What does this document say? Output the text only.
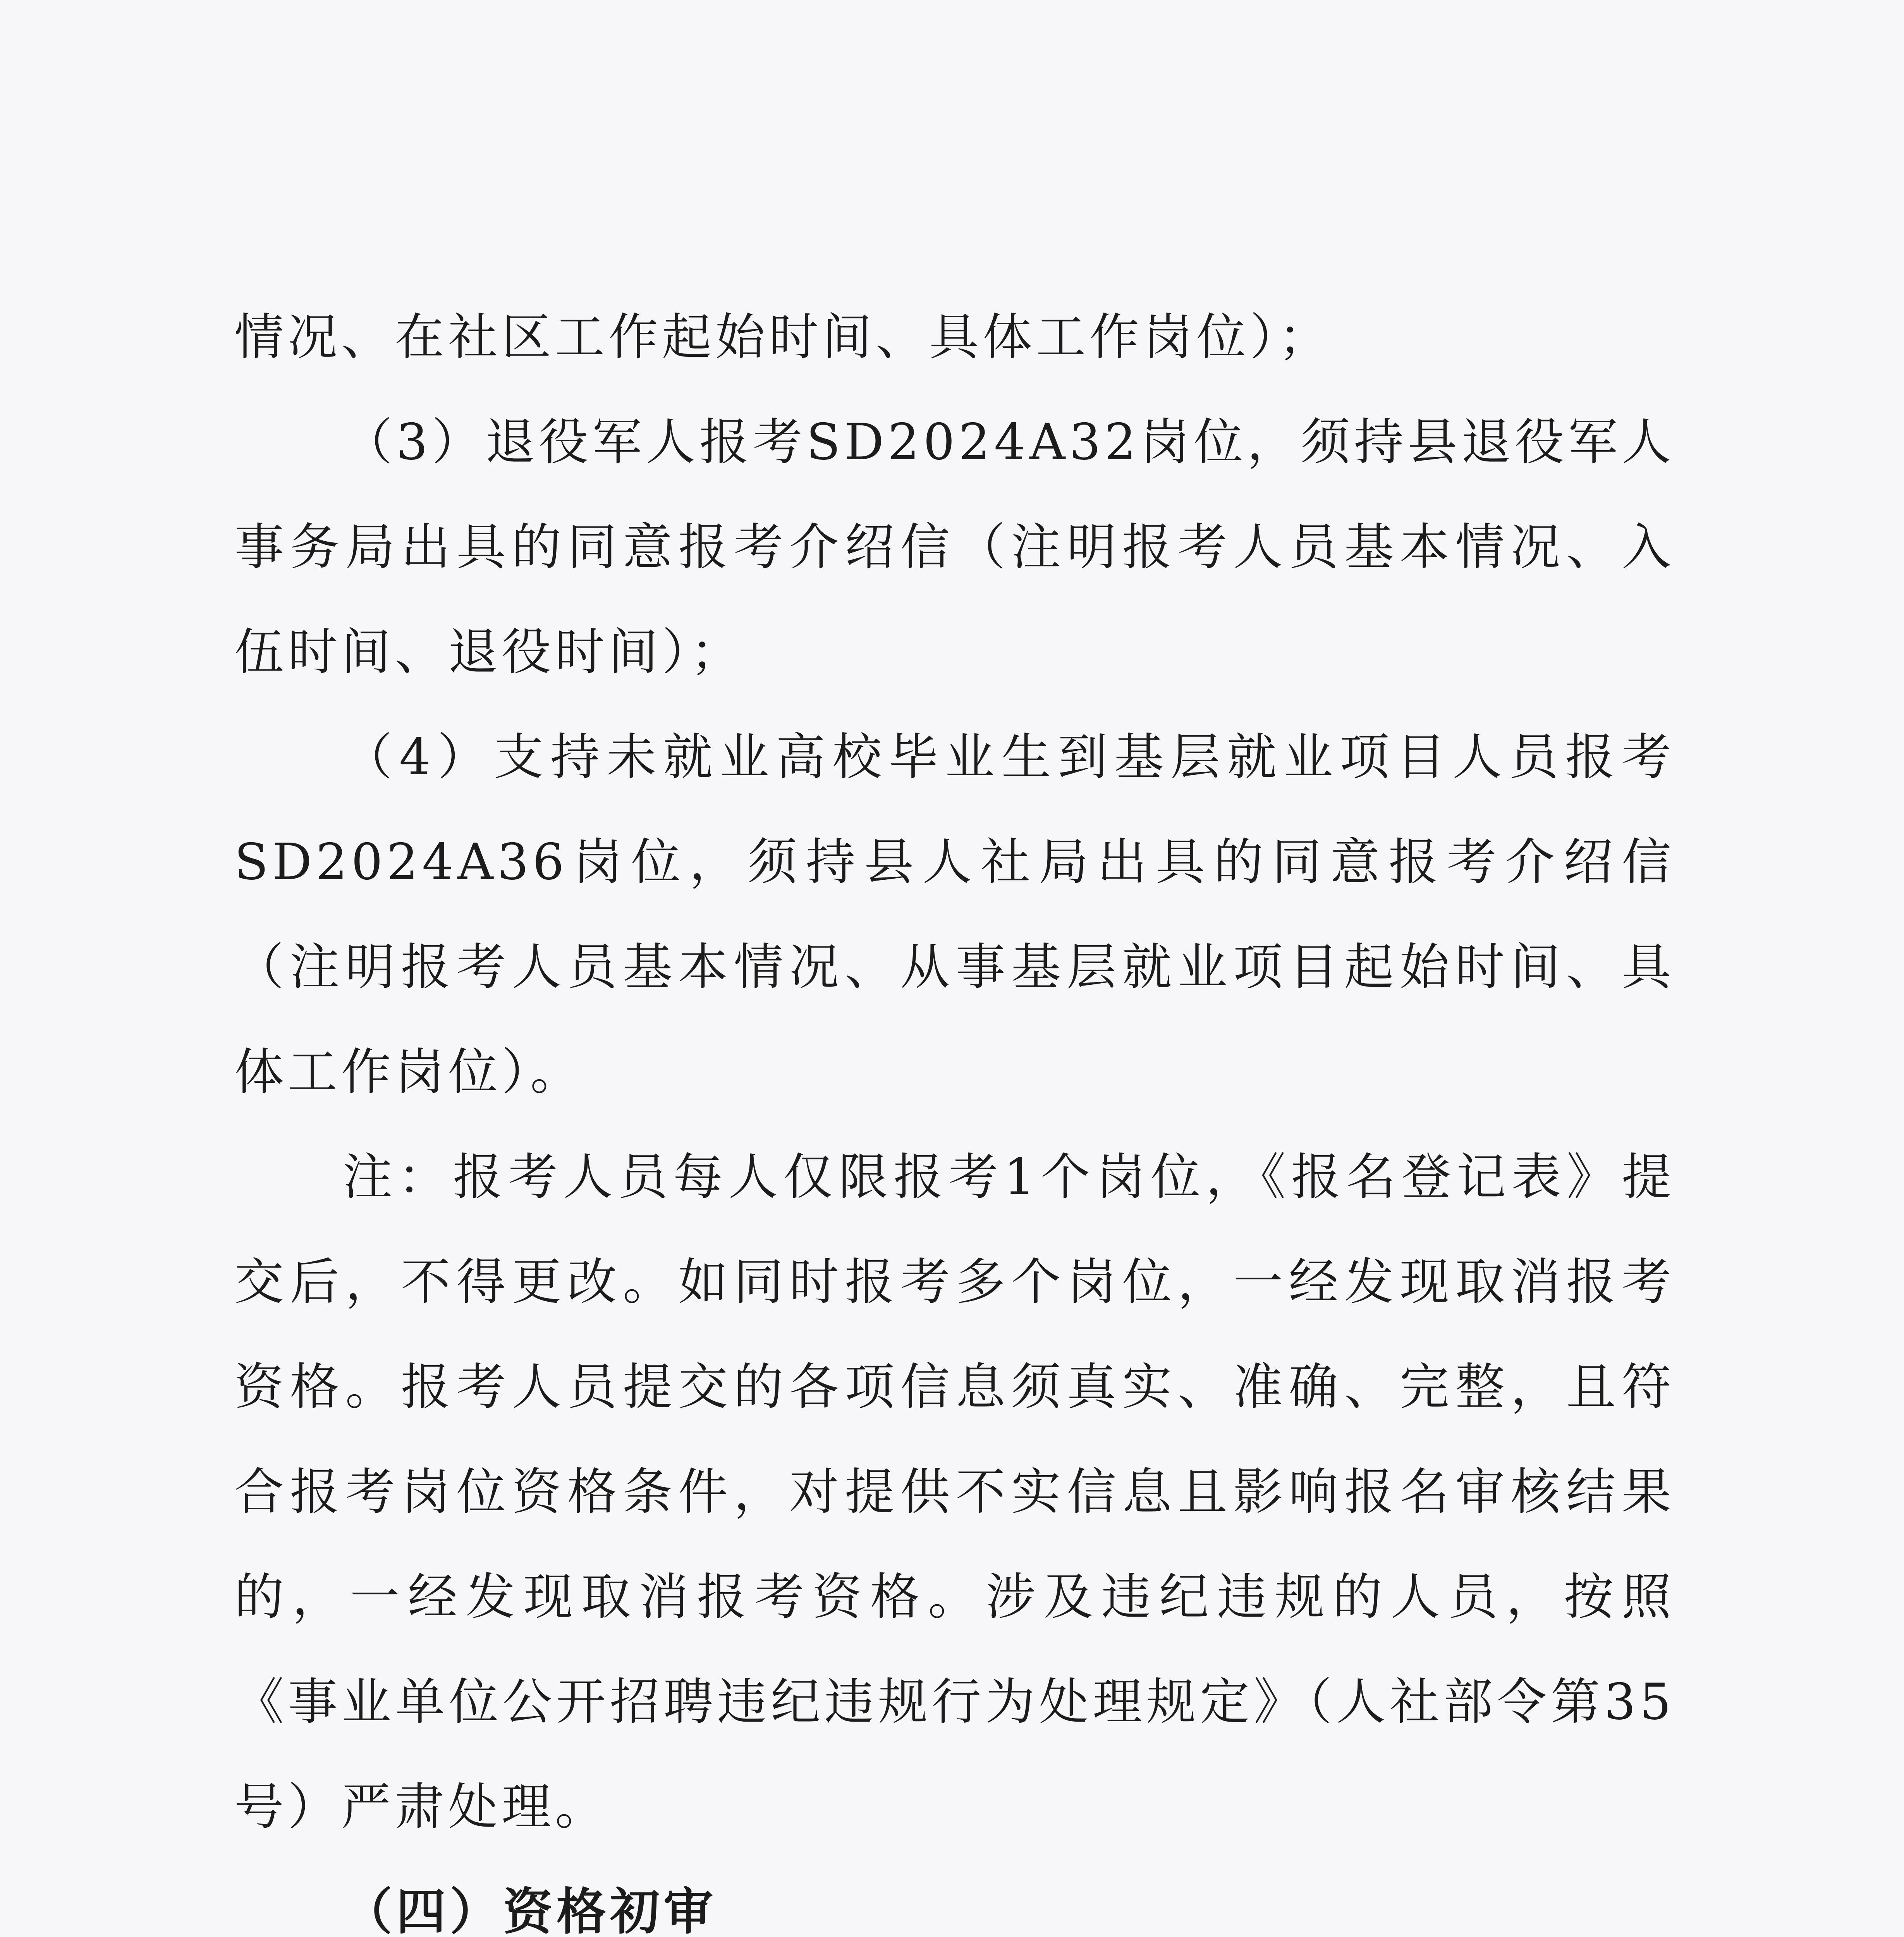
情况、在社区工作起始时间、具体工作岗位）；

（3）退役军人报考SD2024A32岗位，须持县退役军人事务局出具的同意报考介绍信（注明报考人员基本情况、入伍时间、退役时间）；

（4）支持未就业高校毕业生到基层就业项目人员报考SD2024A36岗位，须持县人社局出具的同意报考介绍信（注明报考人员基本情况、从事基层就业项目起始时间、具体工作岗位）。

注：报考人员每人仅限报考1个岗位，《报名登记表》提交后，不得更改。如同时报考多个岗位，一经发现取消报考资格。报考人员提交的各项信息须真实、准确、完整，且符合报考岗位资格条件，对提供不实信息且影响报名审核结果的，一经发现取消报考资格。涉及违纪违规的人员，按照《事业单位公开招聘违纪违规行为处理规定》（人社部令第35号）严肃处理。

（四）资格初审
